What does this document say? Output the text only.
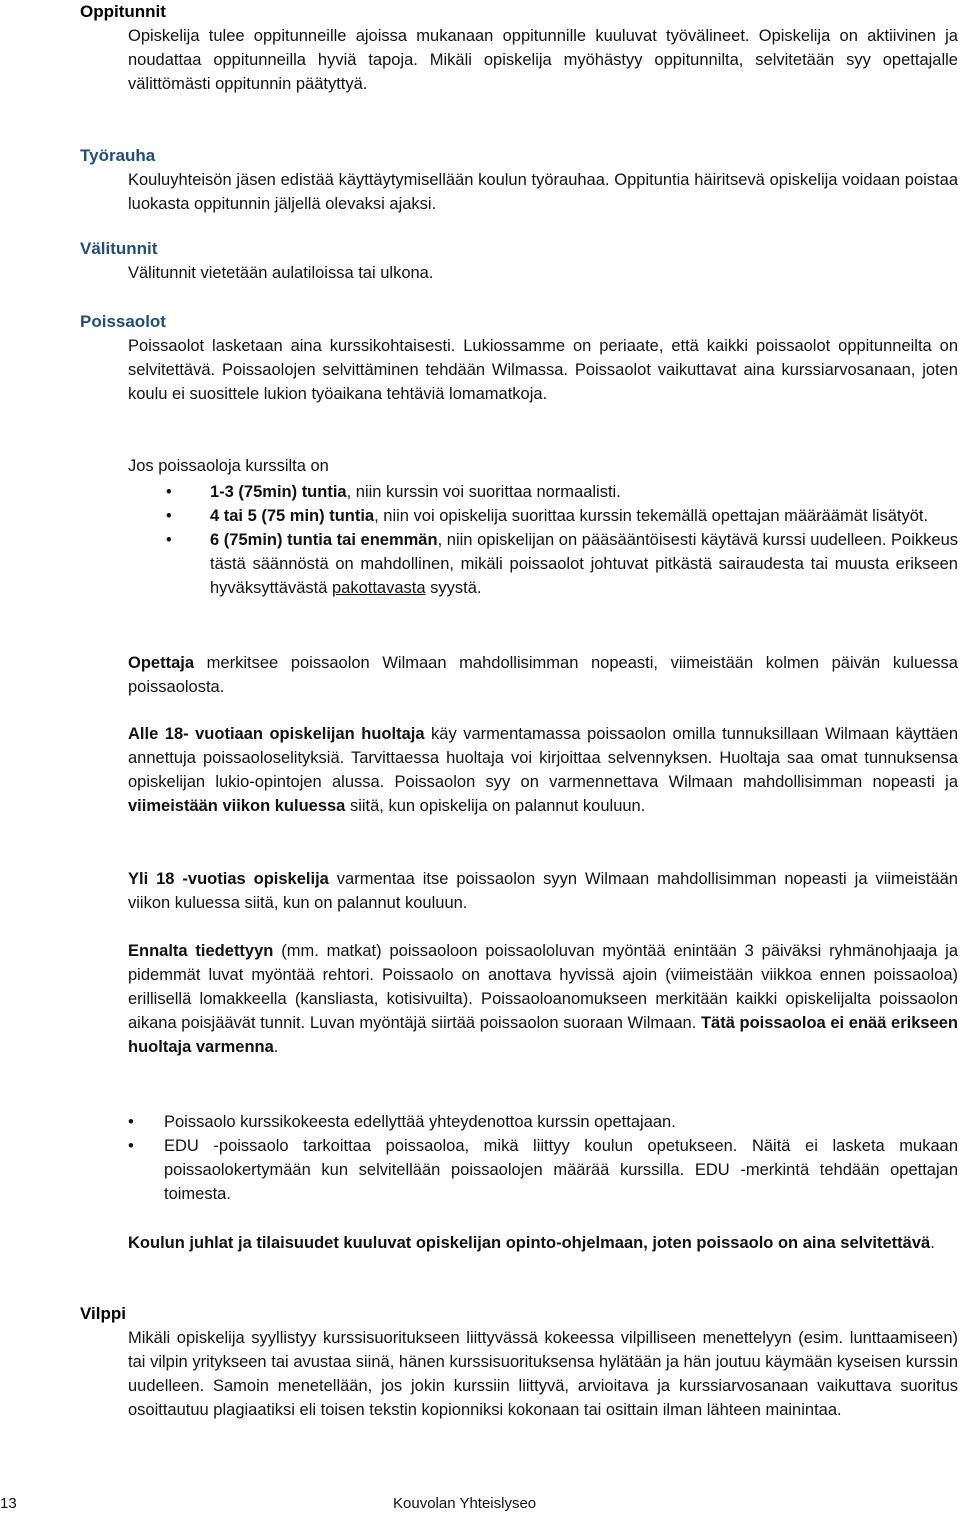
Oppitunnit

Opiskelija tulee oppitunneille ajoissa mukanaan oppitunnille kuuluvat työvälineet. Opiskelija on aktiivinen ja noudattaa oppitunneilla hyviä tapoja. Mikäli opiskelija myöhästyy oppitunnilta, selvitetään syy opettajalle välittömästi oppitunnin päätyttyä.

Työrauha

Kouluyhteisön jäsen edistää käyttäytymisellään koulun työrauhaa. Oppituntia häiritsevä opiskelija voidaan poistaa luokasta oppitunnin jäljellä olevaksi ajaksi.

Välitunnit

Välitunnit vietetään aulatiloissa tai ulkona.

Poissaolot

Poissaolot lasketaan aina kurssikohtaisesti. Lukiossamme on periaate, että kaikki poissaolot oppitunneilta on selvitettävä. Poissaolojen selvittäminen tehdään Wilmassa. Poissaolot vaikuttavat aina kurssiarvosanaan, joten koulu ei suosittele lukion työaikana tehtäviä lomamatkoja.

Jos poissaoloja kurssilta on

• 1-3 (75min) tuntia, niin kurssin voi suorittaa normaalisti.
• 4 tai 5 (75 min) tuntia, niin voi opiskelija suorittaa kurssin tekemällä opettajan määräämät lisätyöt.
• 6 (75min) tuntia tai enemmän, niin opiskelijan on pääsääntöisesti käytävä kurssi uudelleen. Poikkeus tästä säännöstä on mahdollinen, mikäli poissaolot johtuvat pitkästä sairaudesta tai muusta erikseen hyväksyttävästä pakottavasta syystä.

Opettaja merkitsee poissaolon Wilmaan mahdollisimman nopeasti, viimeistään kolmen päivän kuluessa poissaolosta.

Alle 18- vuotiaan opiskelijan huoltaja käy varmentamassa poissaolon omilla tunnuksillaan Wilmaan käyttäen annettuja poissaoloselityksiä. Tarvittaessa huoltaja voi kirjoittaa selvennyksen. Huoltaja saa omat tunnuksensa opiskelijan lukio-opintojen alussa. Poissaolon syy on varmennettava Wilmaan mahdollisimman nopeasti ja viimeistään viikon kuluessa siitä, kun opiskelija on palannut kouluun.

Yli 18 -vuotias opiskelija varmentaa itse poissaolon syyn Wilmaan mahdollisimman nopeasti ja viimeistään viikon kuluessa siitä, kun on palannut kouluun.

Ennalta tiedettyyn (mm. matkat) poissaoloon poissaololuvan myöntää enintään 3 päiväksi ryhmänohjaaja ja pidemmät luvat myöntää rehtori. Poissaolo on anottava hyvissä ajoin (viimeistään viikkoa ennen poissaoloa) erillisellä lomakkeella (kansliasta, kotisivuilta). Poissaoloanomukseen merkitään kaikki opiskelijalta poissaolon aikana poisjäävät tunnit. Luvan myöntäjä siirtää poissaolon suoraan Wilmaan. Tätä poissaoloa ei enää erikseen huoltaja varmenna.

• Poissaolo kurssikokeesta edellyttää yhteydenottoa kurssin opettajaan.
• EDU -poissaolo tarkoittaa poissaoloa, mikä liittyy koulun opetukseen. Näitä ei lasketa mukaan poissaolokertymään kun selvitellään poissaolojen määrää kurssilla. EDU -merkintä tehdään opettajan toimesta.

Koulun juhlat ja tilaisuudet kuuluvat opiskelijan opinto-ohjelmaan, joten poissaolo on aina selvitettävä.

Vilppi

Mikäli opiskelija syyllistyy kurssisuoritukseen liittyvässä kokeessa vilpilliseen menettelyyn (esim. lunttaamiseen) tai vilpin yritykseen tai avustaa siinä, hänen kurssisuorituksensa hylätään ja hän joutuu käymään kyseisen kurssin uudelleen. Samoin menetellään, jos jokin kurssiin liittyvä, arvioitava ja kurssiarvosanaan vaikuttava suoritus osoittautuu plagiaatiksi eli toisen tekstin kopionniksi kokonaan tai osittain ilman lähteen mainintaa.

13	Kouvolan Yhteislyseo
